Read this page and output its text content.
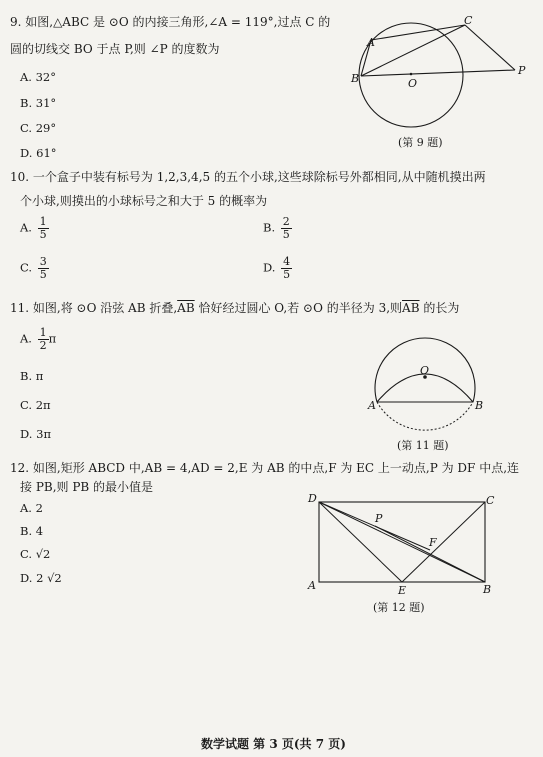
9. 如图,△ABC 是 ⊙O 的内接三角形,∠A = 119°,过点 C 的
圆的切线交 BO 于点 P,则 ∠P 的度数为
A. 32°
B. 31°
C. 29°
D. 61°
A
B
C
O
P
(第 9 题)
10. 一个盒子中装有标号为 1,2,3,4,5 的五个小球,这些球除标号外都相同,从中随机摸出两
个小球,则摸出的小球标号之和大于 5 的概率为
A. $\frac{1}{5}$	B. $\frac{2}{5}$
C. $\frac{3}{5}$	D. $\frac{4}{5}$
11. 如图,将 ⊙O 沿弦 AB 折叠$,\overline{AB}$ 恰好经过圆心 O,若 ⊙O 的半径为 3,则$\overline{AB}$ 的长为
A. $\frac{1}{2}$ π
B. π
C. 2π
D. 3π
A	B
O
(第 11 题)
12. 如图,矩形 ABCD 中,AB = 4,AD = 2,E 为 AB 的中点,F 为 EC 上一动点,P 为 DF 中点,连
接 PB,则 PB 的最小值是
A. 2
B. 4
C. √2
D. 2 √2
D	C
A	B
E
F
P
(第 12 题)
数学试题 第 3 页(共 7 页)
